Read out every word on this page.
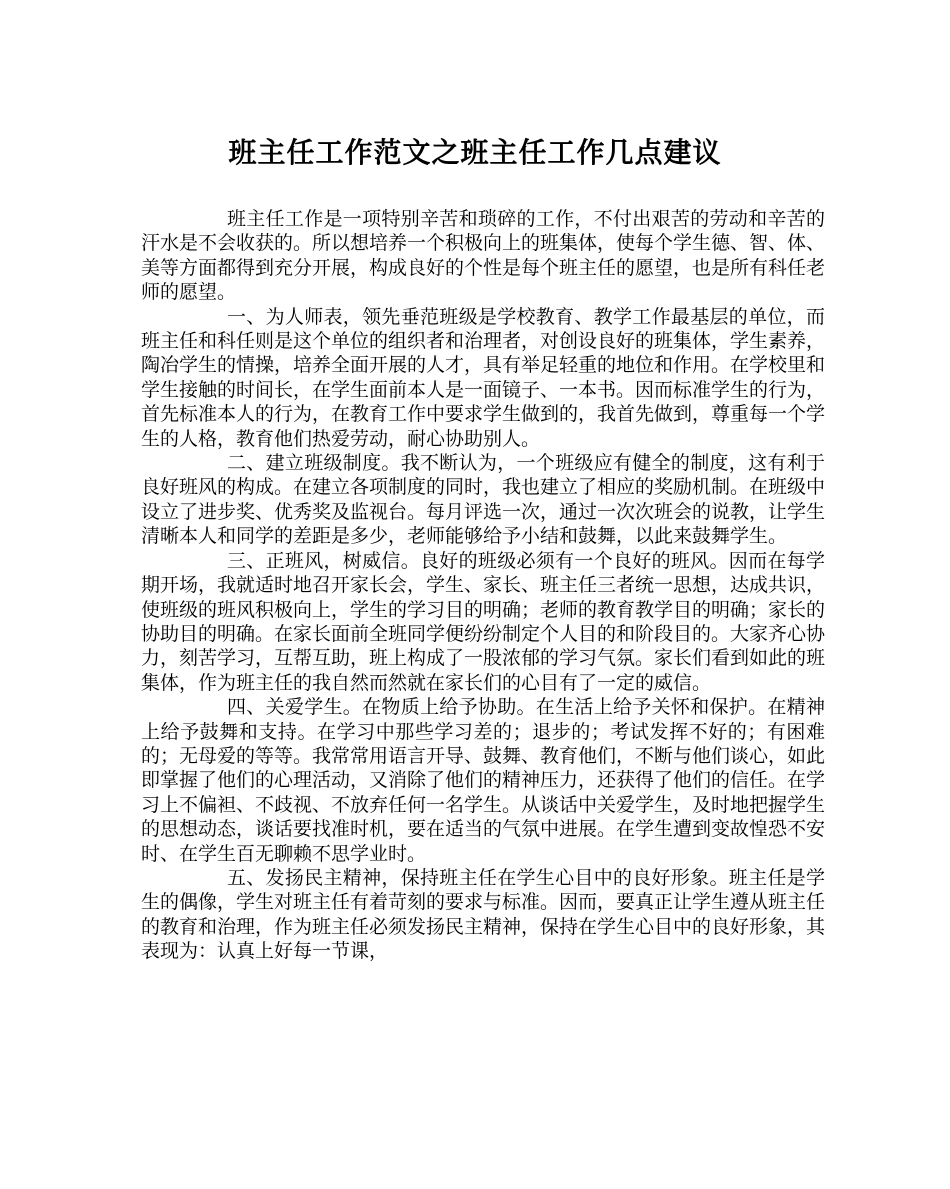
班主任工作范文之班主任工作几点建议

班主任工作是一项特别辛苦和琐碎的工作，不付出艰苦的劳动和辛苦的汗水是不会收获的。所以想培养一个积极向上的班集体，使每个学生德、智、体、美等方面都得到充分开展，构成良好的个性是每个班主任的愿望，也是所有科任老师的愿望。

一、为人师表，领先垂范班级是学校教育、教学工作最基层的单位，而班主任和科任则是这个单位的组织者和治理者，对创设良好的班集体，学生素养，陶冶学生的情操，培养全面开展的人才，具有举足轻重的地位和作用。在学校里和学生接触的时间长，在学生面前本人是一面镜子、一本书。因而标准学生的行为，首先标准本人的行为，在教育工作中要求学生做到的，我首先做到，尊重每一个学生的人格，教育他们热爱劳动，耐心协助别人。

二、建立班级制度。我不断认为，一个班级应有健全的制度，这有利于良好班风的构成。在建立各项制度的同时，我也建立了相应的奖励机制。在班级中设立了进步奖、优秀奖及监视台。每月评选一次，通过一次次班会的说教，让学生清晰本人和同学的差距是多少，老师能够给予小结和鼓舞，以此来鼓舞学生。

三、正班风，树威信。良好的班级必须有一个良好的班风。因而在每学期开场，我就适时地召开家长会，学生、家长、班主任三者统一思想，达成共识，使班级的班风积极向上，学生的学习目的明确；老师的教育教学目的明确；家长的协助目的明确。在家长面前全班同学便纷纷制定个人目的和阶段目的。大家齐心协力，刻苦学习，互帮互助，班上构成了一股浓郁的学习气氛。家长们看到如此的班集体，作为班主任的我自然而然就在家长们的心目有了一定的威信。

四、关爱学生。在物质上给予协助。在生活上给予关怀和保护。在精神上给予鼓舞和支持。在学习中那些学习差的；退步的；考试发挥不好的；有困难的；无母爱的等等。我常常用语言开导、鼓舞、教育他们，不断与他们谈心，如此即掌握了他们的心理活动，又消除了他们的精神压力，还获得了他们的信任。在学习上不偏袒、不歧视、不放弃任何一名学生。从谈话中关爱学生，及时地把握学生的思想动态，谈话要找准时机，要在适当的气氛中进展。在学生遭到变故惶恐不安时、在学生百无聊赖不思学业时。

五、发扬民主精神，保持班主任在学生心目中的良好形象。班主任是学生的偶像，学生对班主任有着苛刻的要求与标准。因而，要真正让学生遵从班主任的教育和治理，作为班主任必须发扬民主精神，保持在学生心目中的良好形象，其表现为：认真上好每一节课，
